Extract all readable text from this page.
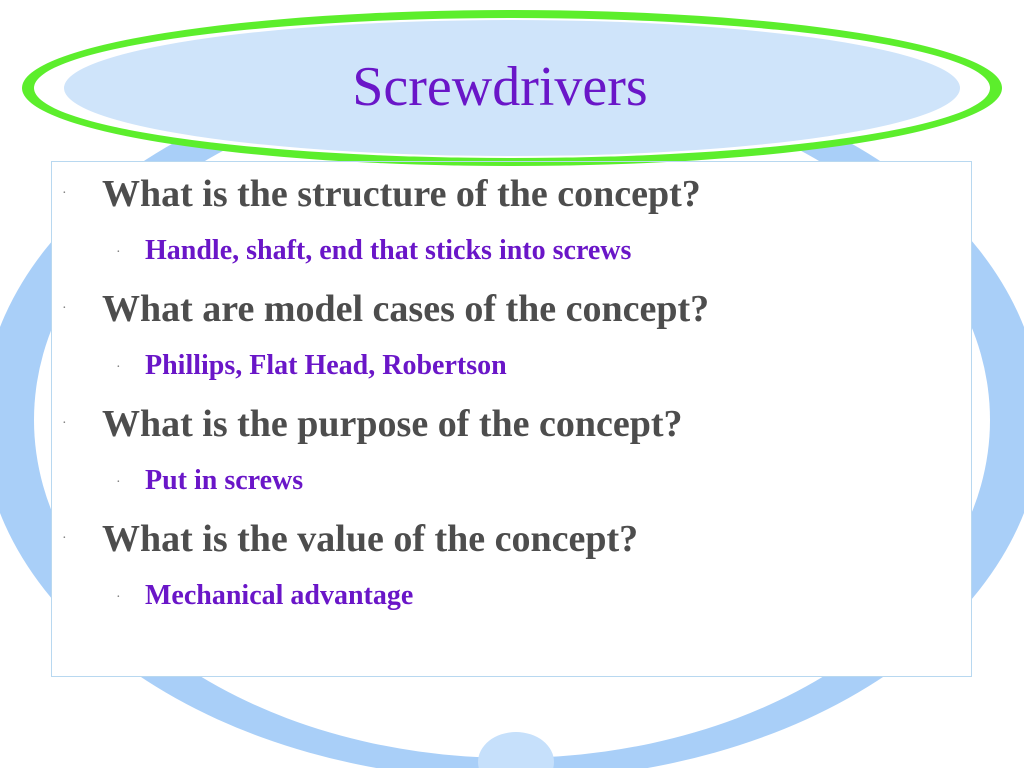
Screwdrivers
· What is the structure of the concept?
· Handle, shaft, end that sticks into screws
· What are model cases of the concept?
· Phillips, Flat Head, Robertson
· What is the purpose of the concept?
· Put in screws
· What is the value of the concept?
· Mechanical advantage
